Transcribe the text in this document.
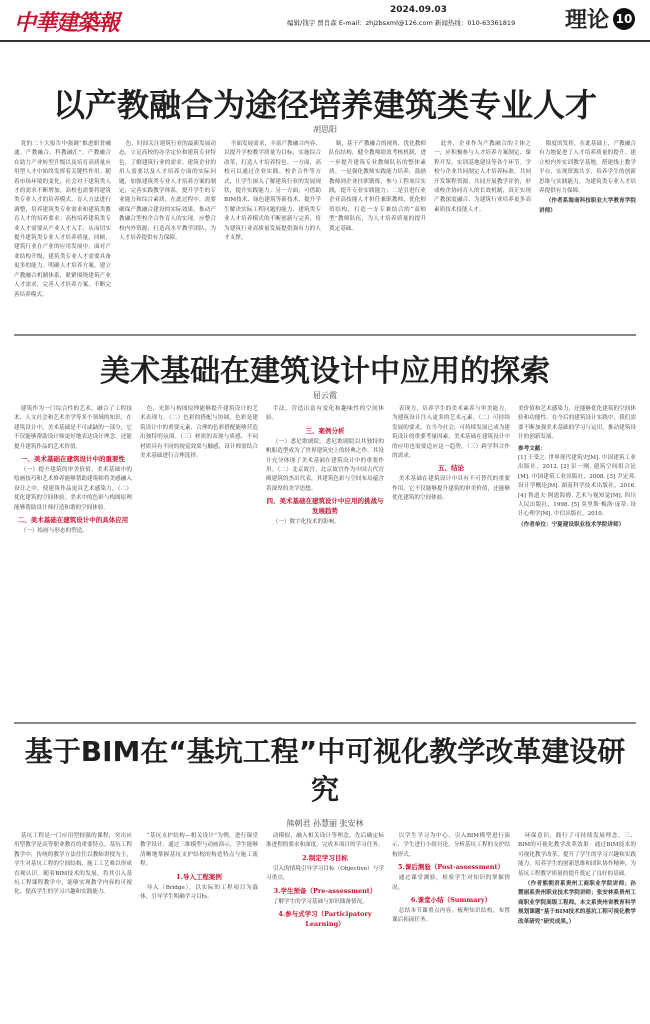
中華建築報	2024.09.03
编辑/钱宇 贾肖森 E-mail：zhjzbsxml@126.com 新闻热线：010-63361819 理论 10
以产教融合为途径培养建筑类专业人才
胡思阳

党的二十大报告中强调“推进职普融通、产教融合、科教融汇”。产教融合在助力产业转型升级以及培育高质量应用型人才中始终发挥着关键性作用。随着市场环境的变化，社会对于建筑类人才的需求不断增加，高校也需要将建筑类专业人才的培养模式、育人方法进行调整，培养建筑类专业需求和建筑类教育人才的培养要求；高校培养建筑类专业人才需要从产业人才入手，从而切实提升建筑类专业人才培养质量。回顾，建筑行业在产业的应用发展中，面对产业结构升级，建筑类专业人才需要具备更多的能力。明确人才培养方案，建立产教融合机制体系，紧紧围绕建筑产业人才需求，完善人才培养方案，不断完善培养模式。

色、时间关注建筑行业的最新发展动态，立足高校的办学定位和建筑专业特色，了解建筑行业的需求、建筑企业的用人需要以及人才培养方面的实际问题，加强建筑类专业人才培养方案的制定，完善实践教学体系，提升学生的专业能力和综合素质。在此过程中，需要确保产教融合建设的实际效果，推动产教融合型校企合作育人的实现。应整合校内外资源，打造高水平教学团队，为人才培养提供有力保障。

全面发展需求，丰富产教融合内容，以提升学校教学质量为目标，实施综合改革，打造人才培养特色。一方面，高校可以通过企业实践、校企合作等方式，让学生深入了解建筑行业的发展现状，提升实践能力；另一方面，可借助BIM技术、绿色建筑等新技术，提升学生解决实际工程问题的能力，建筑类专业人才培养模式的不断创新与完善，将为建筑行业高质量发展提供强有力的人才支撑。

制，基于产教融合的视角，优化教师队伍结构，健全教师绩效考核机制，进一步提升建筑专业教师队伍的整体素质。一是强化教师实践能力培养，鼓励教师到企业挂职锻炼，参与工程项目实践，提升专业实践能力；二是引进行业企业高技能人才担任兼职教师，优化师资结构，打造一支专兼结合的“双师型”教师队伍，为人才培养质量的提升奠定基础。

此外，企业作为产教融合的主体之一，应积极参与人才培养方案制定、课程开发、实训基地建设等各个环节。学校与企业共同制定人才培养标准，共同开发课程资源，共同开展教学评价，形成校企协同育人的长效机制，真正实现产教深度融合，为建筑行业培养更多高素质技术技能人才。

限度的发挥，在此基础上，产教融合有力地促进了人才培养质量的提升。建立校内外实训教学基地，搭建线上教学平台，实现资源共享，培养学生的创新思维与实践能力，为建筑类专业人才培养提供有力保障。

（作者系海南科技职业大学教育学院讲师）

美术基础在建筑设计中应用的探索
屈云霞

建筑作为一门综合性的艺术，融合了工程技术、人文社会和艺术美学等多个领域的知识。在建筑设计中，美术基础是不可或缺的一部分，它不仅能够帮助设计师更好地表达设计理念，还能提升建筑作品的艺术价值。

一、美术基础在建筑设计中的重要性

（一）提升建筑的审美价值。美术基础中的绘画技巧和艺术修养能够帮助建筑师将美感融入设计之中，使建筑作品更具艺术感染力。（二）优化建筑的空间体验。美术中的色彩与构图原理能够帮助设计师打造和谐的空间体验。

二、美术基础在建筑设计中的具体应用

（一）绘画与形态的塑造。

色、光影与构图原理能够提升建筑设计的艺术表现力。（二）色彩的搭配与协调。色彩是建筑设计中的重要元素，合理的色彩搭配能够营造出独特的氛围。（三）材质的表现与质感。不同材质具有不同的视觉效果与触感，设计师需结合美术基础进行合理选择。

手法，营造出富有变化和趣味性的空间体验。

三、案例分析

（一）悉尼歌剧院。悉尼歌剧院以其独特的帆船造型成为了世界建筑史上的经典之作，其设计充分体现了美术基础在建筑设计中的重要作用。（二）北京故宫。北京故宫作为中国古代宫殿建筑的杰出代表，其建筑色彩与空间布局蕴含着深厚的美学思想。

四、美术基础在建筑设计中应用的挑战与发展趋势

（一）数字化技术的影响。

表现力，培养学生的美术素养与审美能力，为建筑设计注入更多的艺术元素。（二）可持续发展的要求。在当今社会，可持续发展已成为建筑设计的重要考量因素，美术基础在建筑设计中的应用也需要适应这一趋势。（三）跨学科合作的需求。

五、结论

美术基础在建筑设计中具有不可替代的重要作用。它不仅能够提升建筑的审美价值，还能够优化建筑的空间体验。

美价值和艺术感染力，还能够优化建筑的空间体验和功能性。在今后的建筑设计实践中，我们需要不断加强美术基础的学习与运用，推动建筑设计的创新发展。

参考文献：

[1] 王受之. 世界现代建筑史[M]. 中国建筑工业出版社，2012. [2] 彭一刚. 建筑空间组合论[M]. 中国建筑工业出版社，2008. [3] 尹定邦. 设计学概论[M]. 湖南科学技术出版社，2016. [4] 鲁道夫·阿恩海姆. 艺术与视知觉[M]. 四川人民出版社，1998. [5] 莫里斯·梅洛·庞蒂. 设计心理学[M]. 中信出版社，2010.

（作者单位：宁夏建设职业技术学院讲师）

基于BIM在“基坑工程”中可视化教学改革建设研究
熊朝君 孙慧丽 张安林

基坑工程是一门应用型较强的课程，突出应用型教学是高等职业教育的重要特点。基坑工程教学中，传统的教学方法往往以教师讲授为主，学生对基坑工程的空间结构、施工工艺难以形成直观认识。随着BIM技术的发展，将其引入基坑工程课程教学中，能够实现教学内容的可视化，提高学生的学习兴趣和实践能力。

“基坑支护结构—相关设计”为例，进行课堂教学设计。通过三维模型与动画演示，学生能够清晰地掌握基坑支护结构的构造特点与施工流程。

1.导入工程案例

导入（Bridge），以实际的工程项目为载体，引导学生明确学习目标。

动模拟，融入相关设计等理念，先后确定标准进程的要求和深度，完成本项目的学习任务。

2.制定学习目标

引入的情境引导学习目标（Objective）与学习重点。

3.学生预备（Pre-assessment）

了解学生的学习基础与知识储备情况。

4.参与式学习（Participatory Learning）

以学生学习为中心，引入BIM模型进行演示，学生进行小组讨论，分析基坑工程的支护结构形式。

5.课后测验（Post-assessment）

通过课堂测验，检验学生对知识的掌握情况。

6.课堂小结（Summary）

总结本节课重点内容，梳理知识结构，布置课后拓展任务。

环保意识，践行了可持续发展理念。三、BIM的可视化教学改革效果：通过BIM技术的可视化教学改革，提升了学生的学习兴趣和实践能力，培养学生的创新思维和团队协作精神，为基坑工程教学质量的提升奠定了良好的基础。

（作者熊朝君系贵州工商职业学院讲师；孙慧丽系贵州职业技术学院讲师；张安林系贵州工商职业学院高级工程师。本文系贵州省教育科学规划课题“基于BIM技术的基坑工程可视化教学改革研究”研究成果。）
